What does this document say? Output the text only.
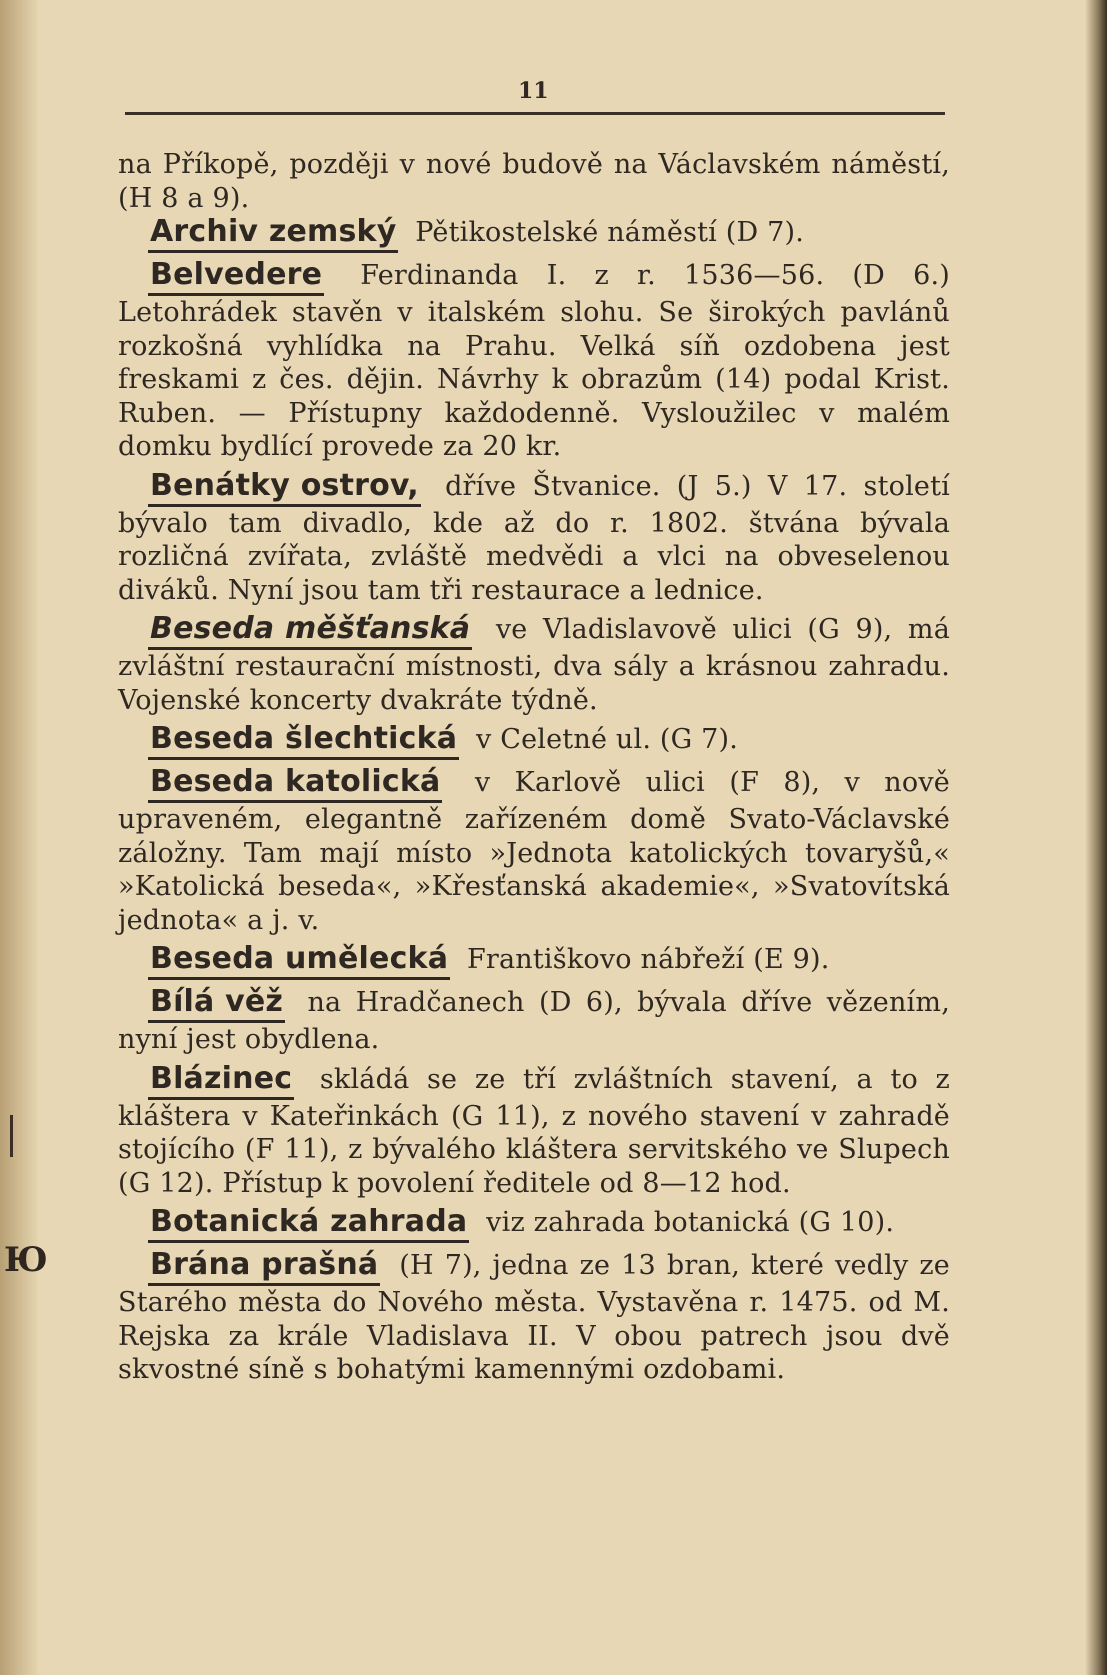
Ю
11

na Příkopě, později v nové budově na Václavském náměstí, (H 8 a 9).

Archiv zemský Pětikostelské náměstí (D 7).

Belvedere Ferdinanda I. z r. 1536—56. (D 6.) Letohrádek stavěn v italském slohu. Se širokých pavlánů rozkošná vyhlídka na Prahu. Velká síň ozdobena jest freskami z čes. dějin. Návrhy k obrazům (14) podal Krist. Ruben. — Přístupny každodenně. Vysloužilec v malém domku bydlící provede za 20 kr.

Benátky ostrov, dříve Štvanice. (J 5.) V 17. století bývalo tam divadlo, kde až do r. 1802. štvána bývala rozličná zvířata, zvláště medvědi a vlci na obveselenou diváků. Nyní jsou tam tři restaurace a lednice.

Beseda měšťanská ve Vladislavově ulici (G 9), má zvláštní restaurační místnosti, dva sály a krásnou zahradu. Vojenské koncerty dvakráte týdně.

Beseda šlechtická v Celetné ul. (G 7).

Beseda katolická v Karlově ulici (F 8), v nově upraveném, elegantně zařízeném domě Svato-Václavské záložny. Tam mají místo »Jednota katolických tovaryšů,« »Katolická beseda«, »Křesťanská akademie«, »Svatovítská jednota« a j. v.

Beseda umělecká Františkovo nábřeží (E 9).

Bílá věž na Hradčanech (D 6), bývala dříve vězením, nyní jest obydlena.

Blázinec skládá se ze tří zvláštních stavení, a to z kláštera v Kateřinkách (G 11), z nového stavení v zahradě stojícího (F 11), z bývalého kláštera servitského ve Slupech (G 12). Přístup k povolení ředitele od 8—12 hod.

Botanická zahrada viz zahrada botanická (G 10).

Brána prašná (H 7), jedna ze 13 bran, které vedly ze Starého města do Nového města. Vystavěna r. 1475. od M. Rejska za krále Vladislava II. V obou patrech jsou dvě skvostné síně s bohatými kamennými ozdobami.
